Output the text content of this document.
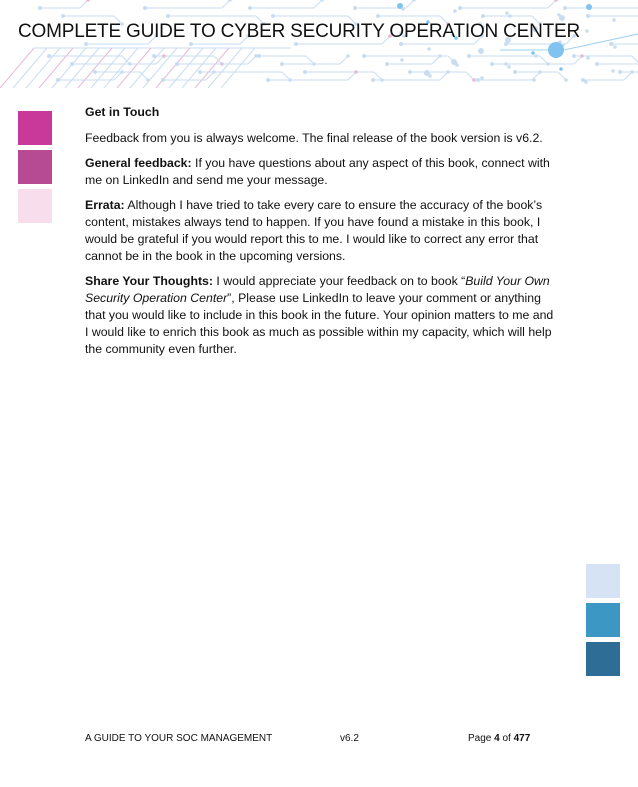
COMPLETE GUIDE TO CYBER SECURITY OPERATION CENTER

Get in Touch

Feedback from you is always welcome. The final release of the book version is v6.2.

General feedback: If you have questions about any aspect of this book, connect with me on LinkedIn and send me your message.

Errata: Although I have tried to take every care to ensure the accuracy of the book’s content, mistakes always tend to happen. If you have found a mistake in this book, I would be grateful if you would report this to me. I would like to correct any error that cannot be in the book in the upcoming versions.

Share Your Thoughts: I would appreciate your feedback on to book “Build Your Own Security Operation Center”, Please use LinkedIn to leave your comment or anything that you would like to include in this book in the future. Your opinion matters to me and I would like to enrich this book as much as possible within my capacity, which will help the community even further.

A GUIDE TO YOUR SOC MANAGEMENT	v6.2	Page 4 of 477
